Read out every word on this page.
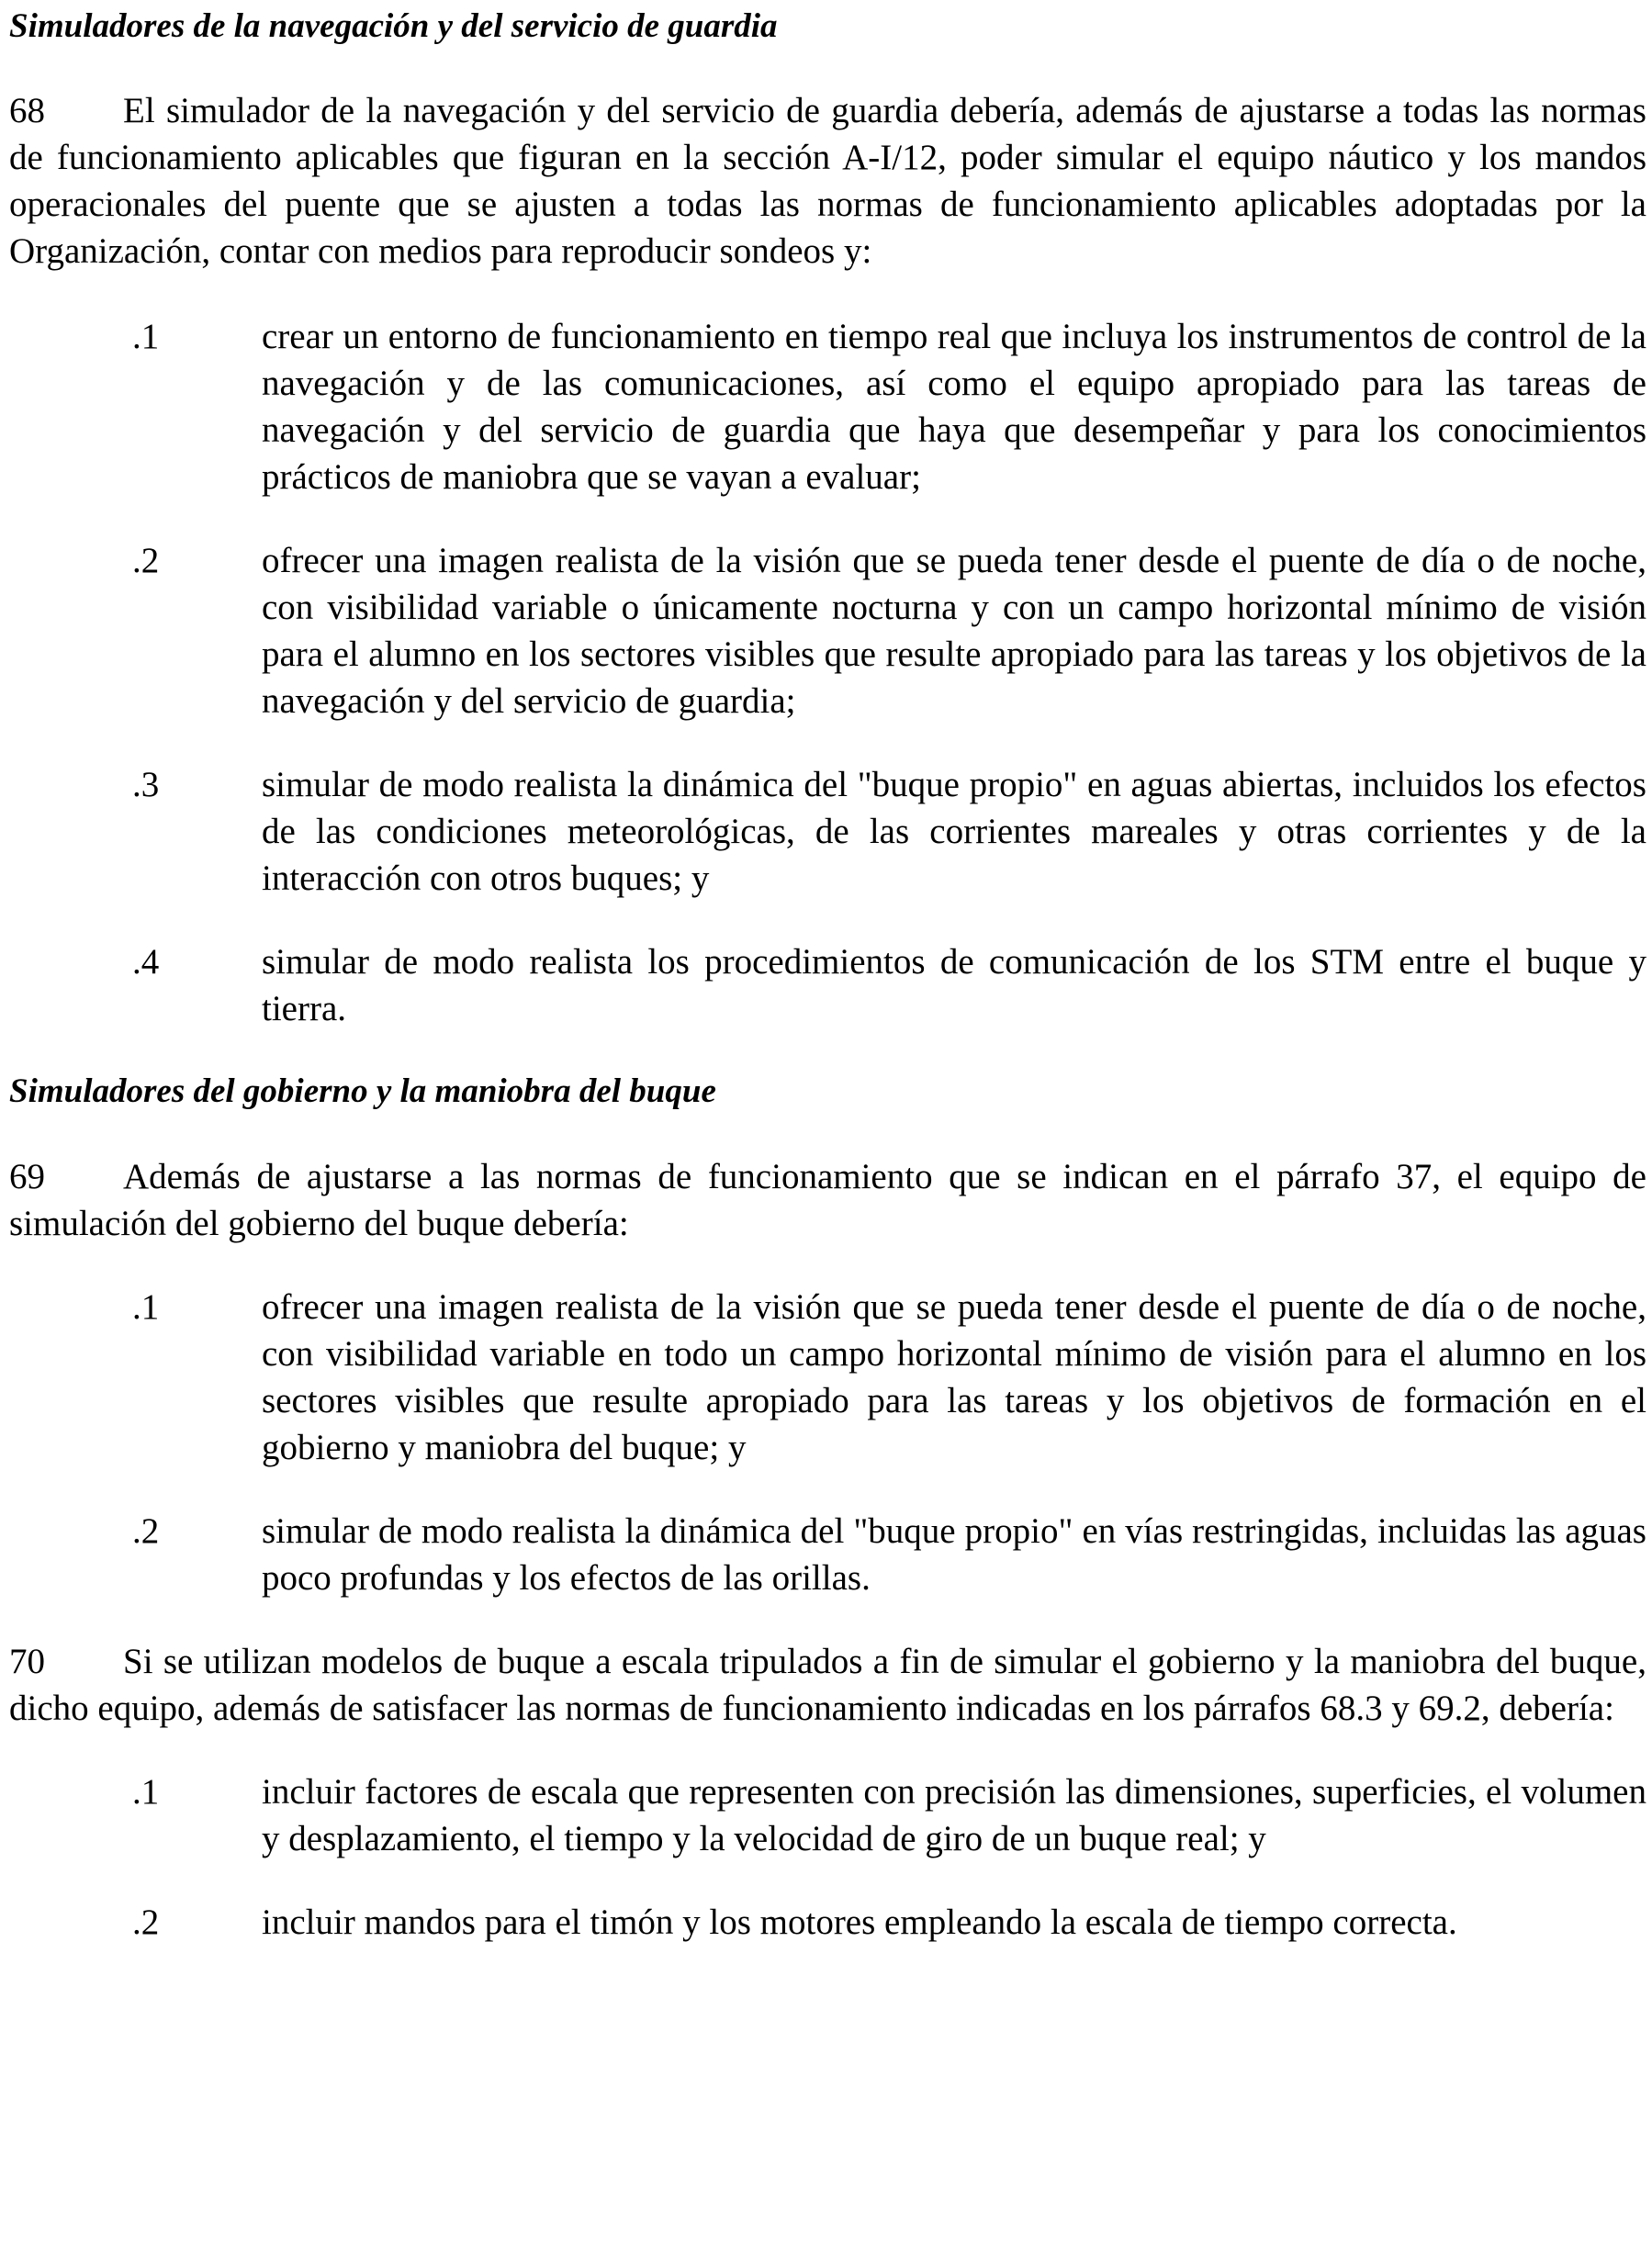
Simuladores de la navegación y del servicio de guardia

68 El simulador de la navegación y del servicio de guardia debería, además de ajustarse a todas las normas de funcionamiento aplicables que figuran en la sección A-I/12, poder simular el equipo náutico y los mandos operacionales del puente que se ajusten a todas las normas de funcionamiento aplicables adoptadas por la Organización, contar con medios para reproducir sondeos y:

.1	crear un entorno de funcionamiento en tiempo real que incluya los instrumentos de control de la navegación y de las comunicaciones, así como el equipo apropiado para las tareas de navegación y del servicio de guardia que haya que desempeñar y para los conocimientos prácticos de maniobra que se vayan a evaluar;
.2	ofrecer una imagen realista de la visión que se pueda tener desde el puente de día o de noche, con visibilidad variable o únicamente nocturna y con un campo horizontal mínimo de visión para el alumno en los sectores visibles que resulte apropiado para las tareas y los objetivos de la navegación y del servicio de guardia;
.3	simular de modo realista la dinámica del "buque propio" en aguas abiertas, incluidos los efectos de las condiciones meteorológicas, de las corrientes mareales y otras corrientes y de la interacción con otros buques; y
.4	simular de modo realista los procedimientos de comunicación de los STM entre el buque y tierra.

Simuladores del gobierno y la maniobra del buque

69 Además de ajustarse a las normas de funcionamiento que se indican en el párrafo 37, el equipo de simulación del gobierno del buque debería:

.1	ofrecer una imagen realista de la visión que se pueda tener desde el puente de día o de noche, con visibilidad variable en todo un campo horizontal mínimo de visión para el alumno en los sectores visibles que resulte apropiado para las tareas y los objetivos de formación en el gobierno y maniobra del buque; y
.2	simular de modo realista la dinámica del "buque propio" en vías restringidas, incluidas las aguas poco profundas y los efectos de las orillas.

70 Si se utilizan modelos de buque a escala tripulados a fin de simular el gobierno y la maniobra del buque, dicho equipo, además de satisfacer las normas de funcionamiento indicadas en los párrafos 68.3 y 69.2, debería:

.1	incluir factores de escala que representen con precisión las dimensiones, superficies, el volumen y desplazamiento, el tiempo y la velocidad de giro de un buque real; y
.2	incluir mandos para el timón y los motores empleando la escala de tiempo correcta.
